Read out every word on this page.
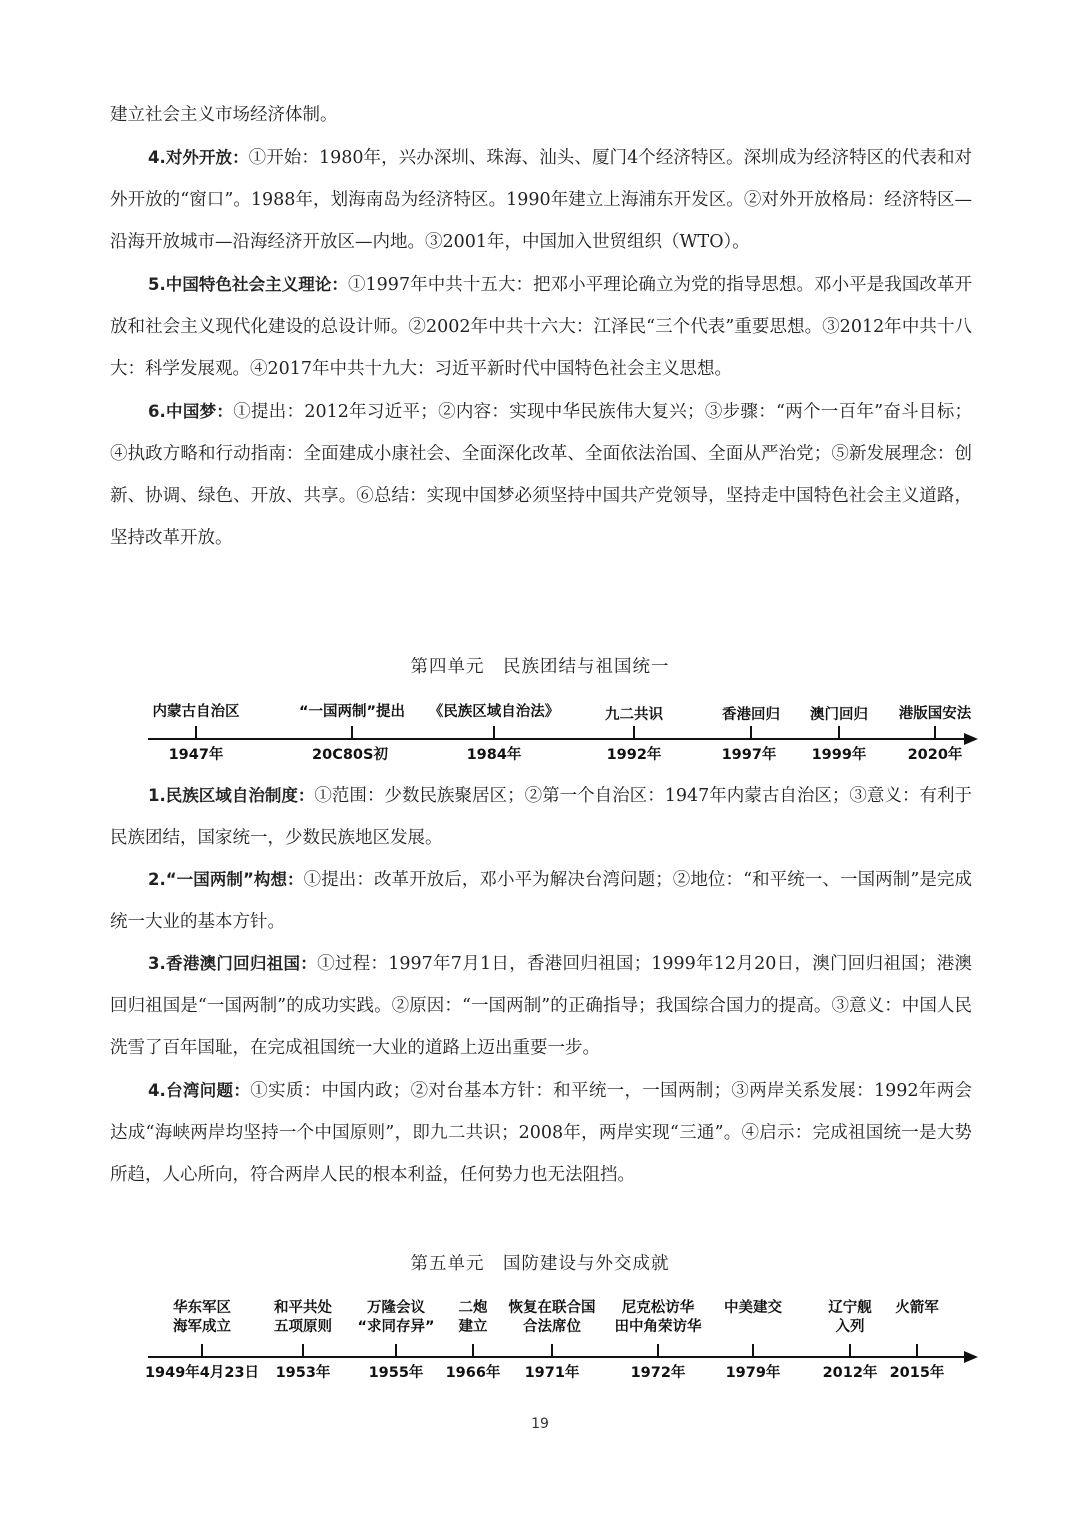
建立社会主义市场经济体制。

4.对外开放：①开始：1980年，兴办深圳、珠海、汕头、厦门4个经济特区。深圳成为经济特区的代表和对外开放的“窗口”。1988年，划海南岛为经济特区。1990年建立上海浦东开发区。②对外开放格局：经济特区—沿海开放城市—沿海经济开放区—内地。③2001年，中国加入世贸组织（WTO）。

5.中国特色社会主义理论：①1997年中共十五大：把邓小平理论确立为党的指导思想。邓小平是我国改革开放和社会主义现代化建设的总设计师。②2002年中共十六大：江泽民“三个代表”重要思想。③2012年中共十八大：科学发展观。④2017年中共十九大：习近平新时代中国特色社会主义思想。

6.中国梦：①提出：2012年习近平；②内容：实现中华民族伟大复兴；③步骤：“两个一百年”奋斗目标；④执政方略和行动指南：全面建成小康社会、全面深化改革、全面依法治国、全面从严治党；⑤新发展理念：创新、协调、绿色、开放、共享。⑥总结：实现中国梦必须坚持中国共产党领导，坚持走中国特色社会主义道路，坚持改革开放。

第四单元　民族团结与祖国统一
内蒙古自治区
1947年
“一国两制”提出
20C80S初
《民族区域自治法》
1984年
九二共识
1992年
香港回归
1997年
澳门回归
1999年
港版国安法
2020年

1.民族区域自治制度：①范围：少数民族聚居区；②第一个自治区：1947年内蒙古自治区；③意义：有利于民族团结，国家统一，少数民族地区发展。

2.“一国两制”构想：①提出：改革开放后，邓小平为解决台湾问题；②地位：“和平统一、一国两制”是完成统一大业的基本方针。

3.香港澳门回归祖国：①过程：1997年7月1日，香港回归祖国；1999年12月20日，澳门回归祖国；港澳回归祖国是“一国两制”的成功实践。②原因：“一国两制”的正确指导；我国综合国力的提高。③意义：中国人民洗雪了百年国耻，在完成祖国统一大业的道路上迈出重要一步。

4.台湾问题：①实质：中国内政；②对台基本方针：和平统一，一国两制；③两岸关系发展：1992年两会达成“海峡两岸均坚持一个中国原则”，即九二共识；2008年，两岸实现“三通”。④启示：完成祖国统一是大势所趋，人心所向，符合两岸人民的根本利益，任何势力也无法阻挡。

第五单元　国防建设与外交成就
华东军区
海军成立
1949年4月23日
和平共处
五项原则
1953年
万隆会议
“求同存异”
1955年
二炮
建立
1966年
恢复在联合国
合法席位
1971年
尼克松访华
田中角荣访华
1972年
中美建交
1979年
辽宁舰
入列
2012年
火箭军
2015年
19
